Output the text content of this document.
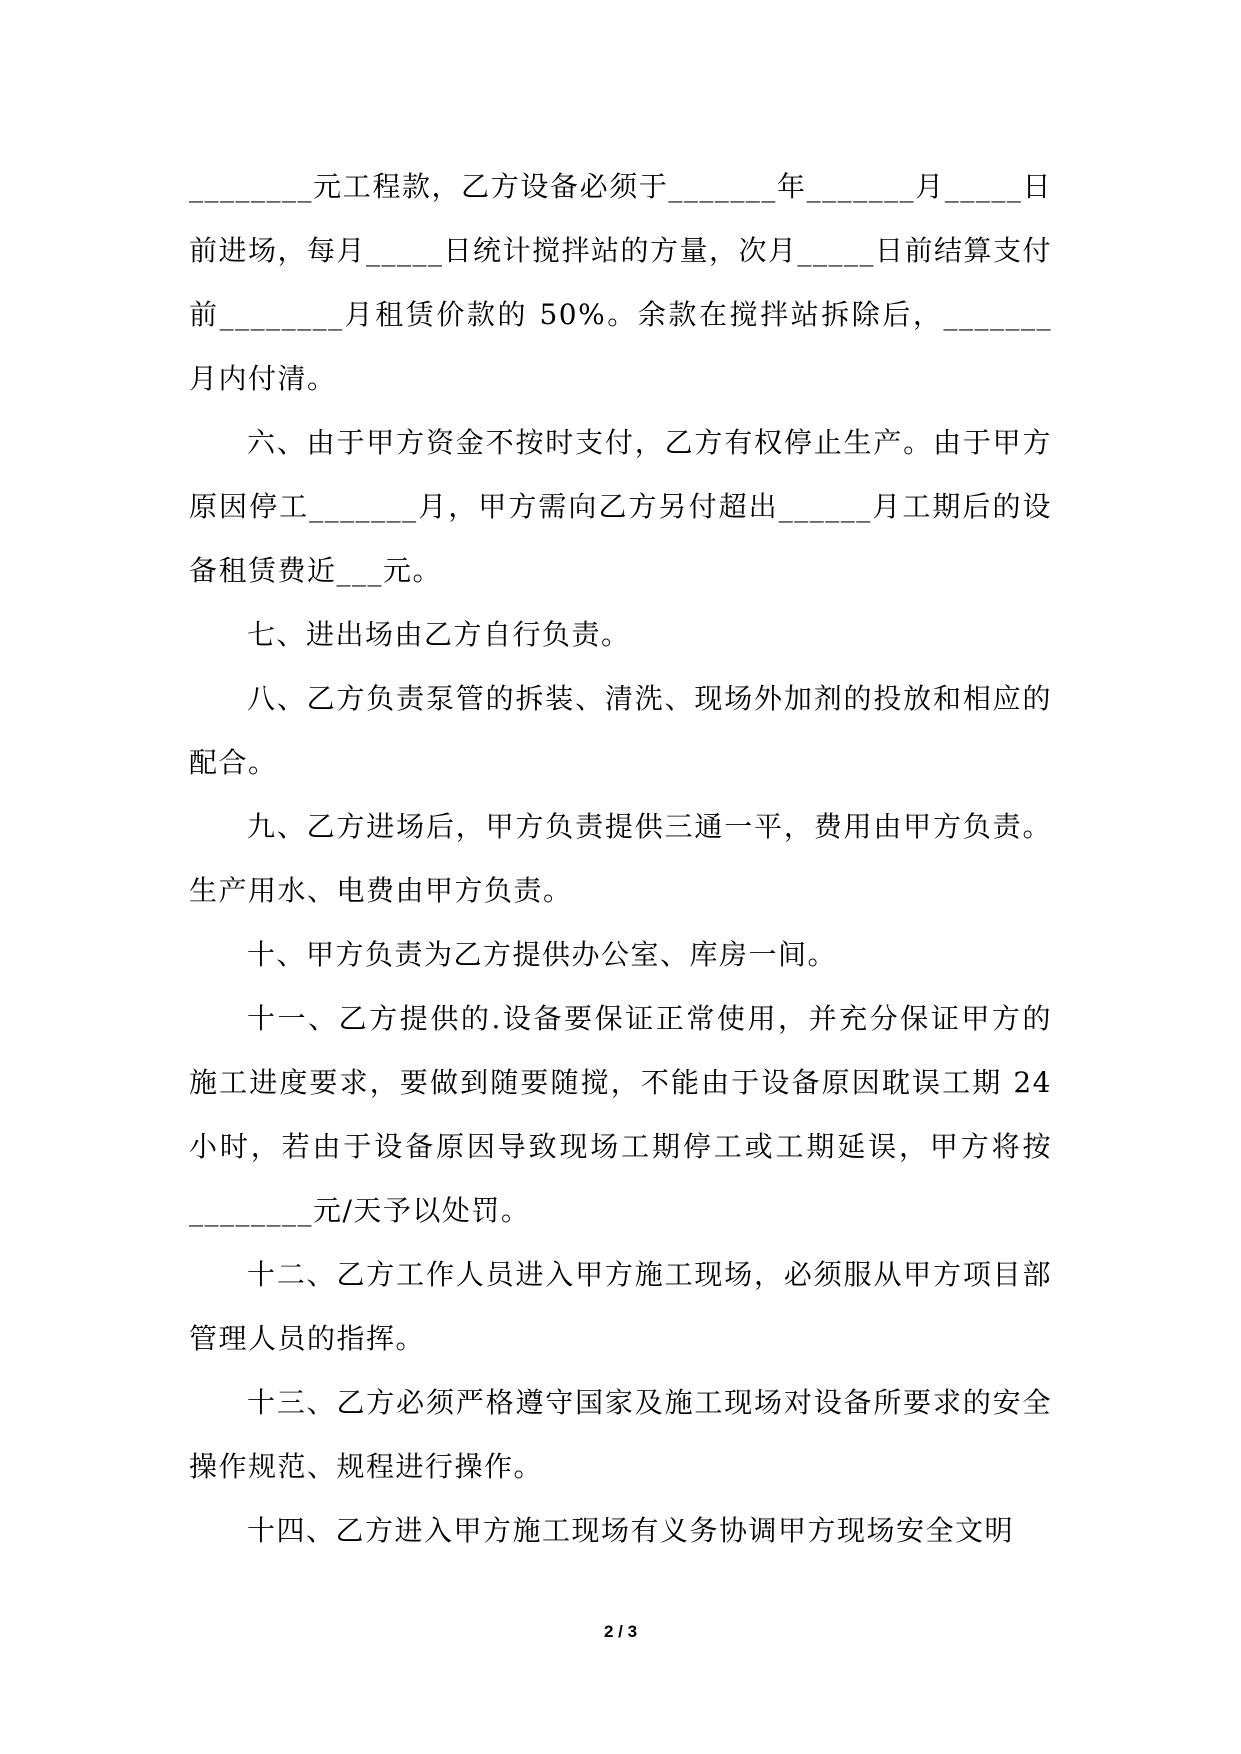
________元工程款，乙方设备必须于_______年_______月_____日前进场，每月_____日统计搅拌站的方量，次月_____日前结算支付前________月租赁价款的 50%。余款在搅拌站拆除后，_______月内付清。

六、由于甲方资金不按时支付，乙方有权停止生产。由于甲方原因停工_______月，甲方需向乙方另付超出______月工期后的设备租赁费近___元。

七、进出场由乙方自行负责。

八、乙方负责泵管的拆装、清洗、现场外加剂的投放和相应的配合。

九、乙方进场后，甲方负责提供三通一平，费用由甲方负责。生产用水、电费由甲方负责。

十、甲方负责为乙方提供办公室、库房一间。

十一、乙方提供的.设备要保证正常使用，并充分保证甲方的施工进度要求，要做到随要随搅，不能由于设备原因耽误工期 24 小时，若由于设备原因导致现场工期停工或工期延误，甲方将按________元/天予以处罚。

十二、乙方工作人员进入甲方施工现场，必须服从甲方项目部管理人员的指挥。

十三、乙方必须严格遵守国家及施工现场对设备所要求的安全操作规范、规程进行操作。

十四、乙方进入甲方施工现场有义务协调甲方现场安全文明

2 / 3
